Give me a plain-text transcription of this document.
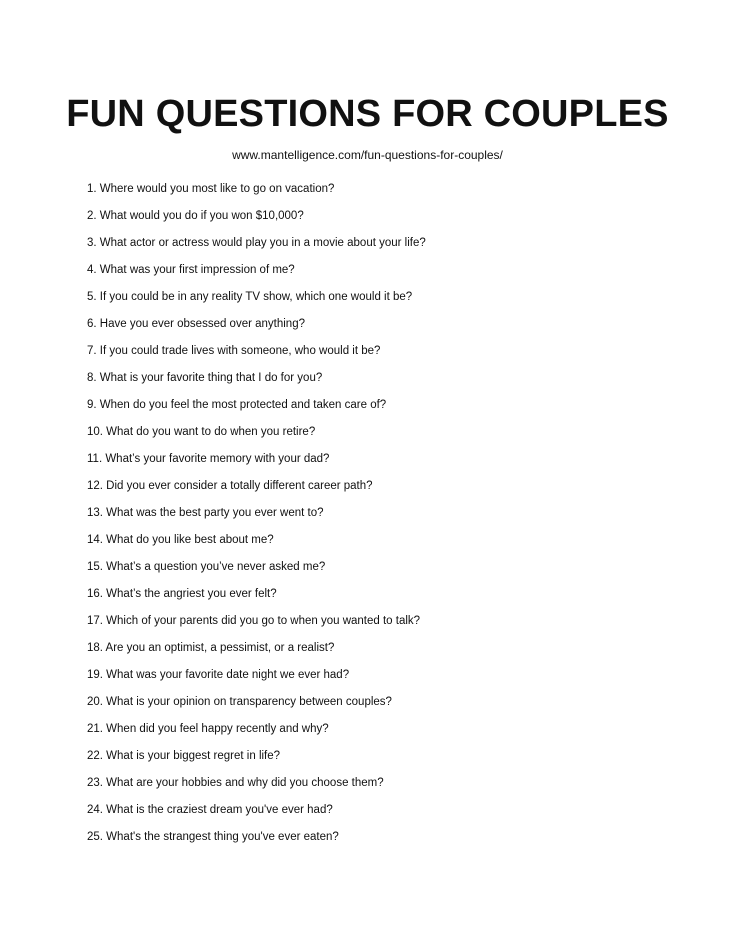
FUN QUESTIONS FOR COUPLES
www.mantelligence.com/fun-questions-for-couples/
1. Where would you most like to go on vacation?
2. What would you do if you won $10,000?
3. What actor or actress would play you in a movie about your life?
4. What was your first impression of me?
5. If you could be in any reality TV show, which one would it be?
6. Have you ever obsessed over anything?
7. If you could trade lives with someone, who would it be?
8. What is your favorite thing that I do for you?
9. When do you feel the most protected and taken care of?
10. What do you want to do when you retire?
11. What’s your favorite memory with your dad?
12. Did you ever consider a totally different career path?
13. What was the best party you ever went to?
14. What do you like best about me?
15. What’s a question you’ve never asked me?
16. What’s the angriest you ever felt?
17. Which of your parents did you go to when you wanted to talk?
18. Are you an optimist, a pessimist, or a realist?
19. What was your favorite date night we ever had?
20. What is your opinion on transparency between couples?
21. When did you feel happy recently and why?
22. What is your biggest regret in life?
23. What are your hobbies and why did you choose them?
24. What is the craziest dream you've ever had?
25. What's the strangest thing you've ever eaten?
